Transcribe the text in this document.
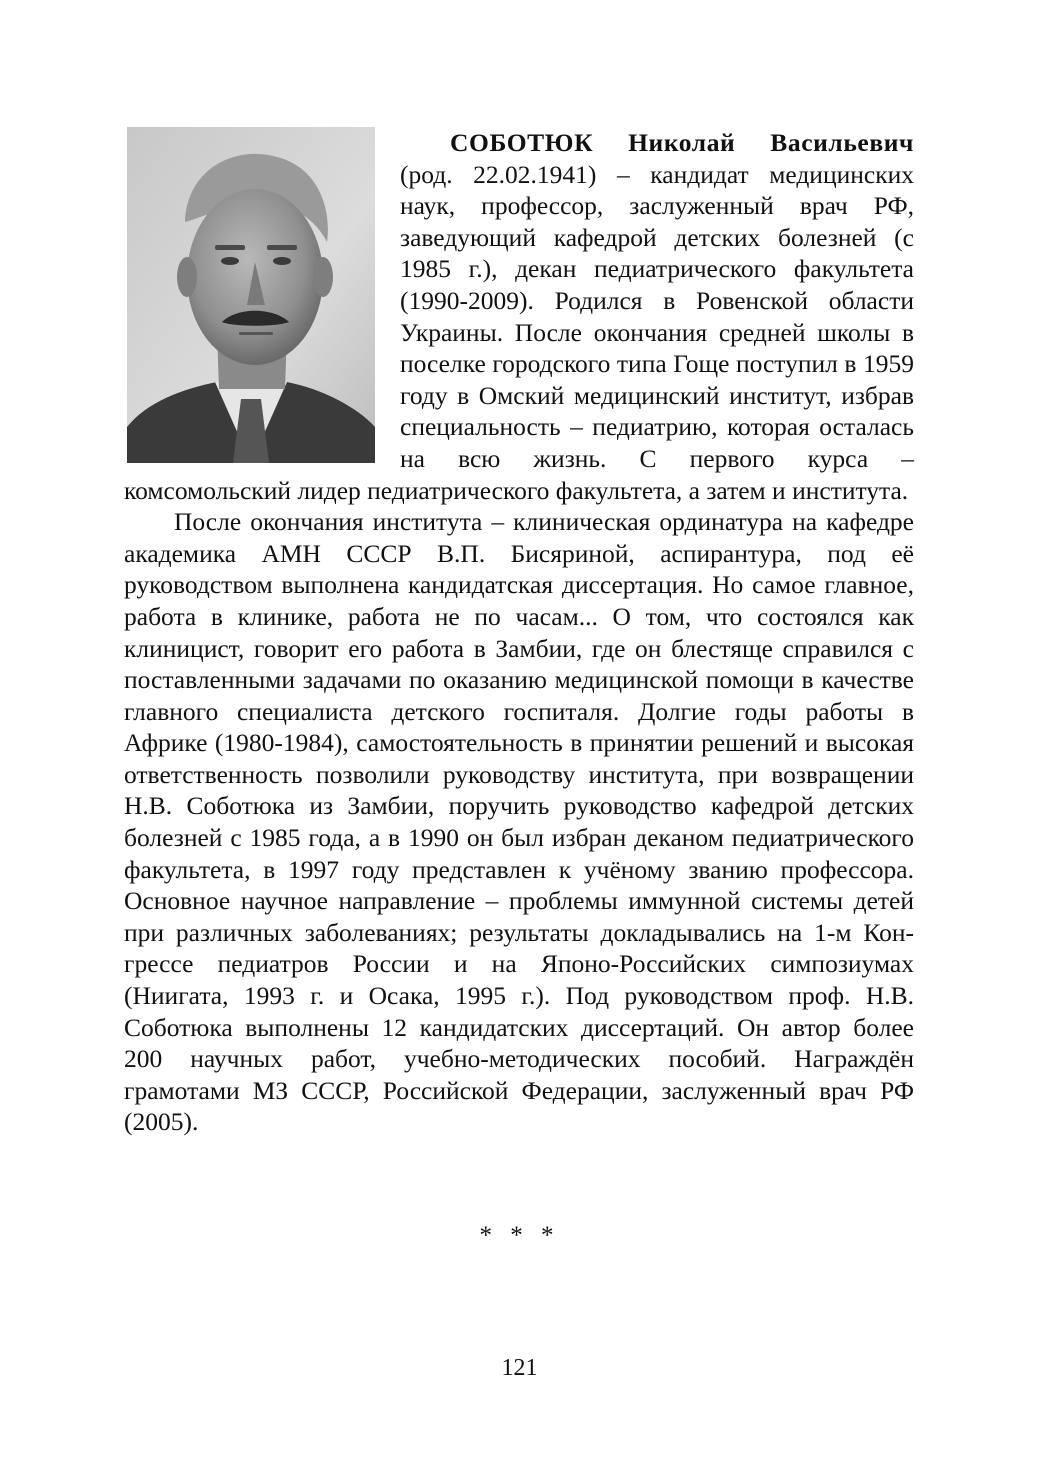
СОБОТЮК Николай Васильевич (род. 22.02.1941) – кандидат медицинских наук, профессор, заслуженный врач РФ, заведующий кафедрой детских болезней (с 1985 г.), декан педиатрического факультета (1990-2009). Родился в Ровенской области Украины. После окончания средней школы в поселке городского типа Гоще поступил в 1959 году в Омский медицинский институт, избрав специальность – педиатрию, которая осталась на всю жизнь. С первого курса – комсомольский лидер педиатрического факультета, а затем и института.

После окончания института – клиническая ординатура на кафедре академика АМН СССР В.П. Бисяриной, аспирантура, под её руководством выполнена кандидатская диссертация. Но самое главное, работа в клинике, работа не по часам... О том, что состоялся как клиницист, говорит его работа в Замбии, где он блестяще справился с поставленными задачами по оказанию медицинской помощи в качестве главного специалиста детского госпиталя. Долгие годы работы в Африке (1980-1984), самостоятельность в принятии решений и высокая ответственность позволили руководству института, при возвращении Н.В. Соботюка из Замбии, поручить руководство кафедрой детских болезней с 1985 года, а в 1990 он был избран деканом педиатрического факультета, в 1997 году представлен к учёному званию профессора. Основное научное направление – проблемы иммунной системы детей при различных заболеваниях; результаты докладывались на 1-м Конгрессе педиатров России и на Японо-Российских симпозиумах (Ниигата, 1993 г. и Осака, 1995 г.). Под руководством проф. Н.В. Соботюка выполнены 12 кандидатских диссертаций. Он автор более 200 научных работ, учебно-методических пособий. Награждён грамотами МЗ СССР, Российской Федерации, заслуженный врач РФ (2005).

* * *
121
